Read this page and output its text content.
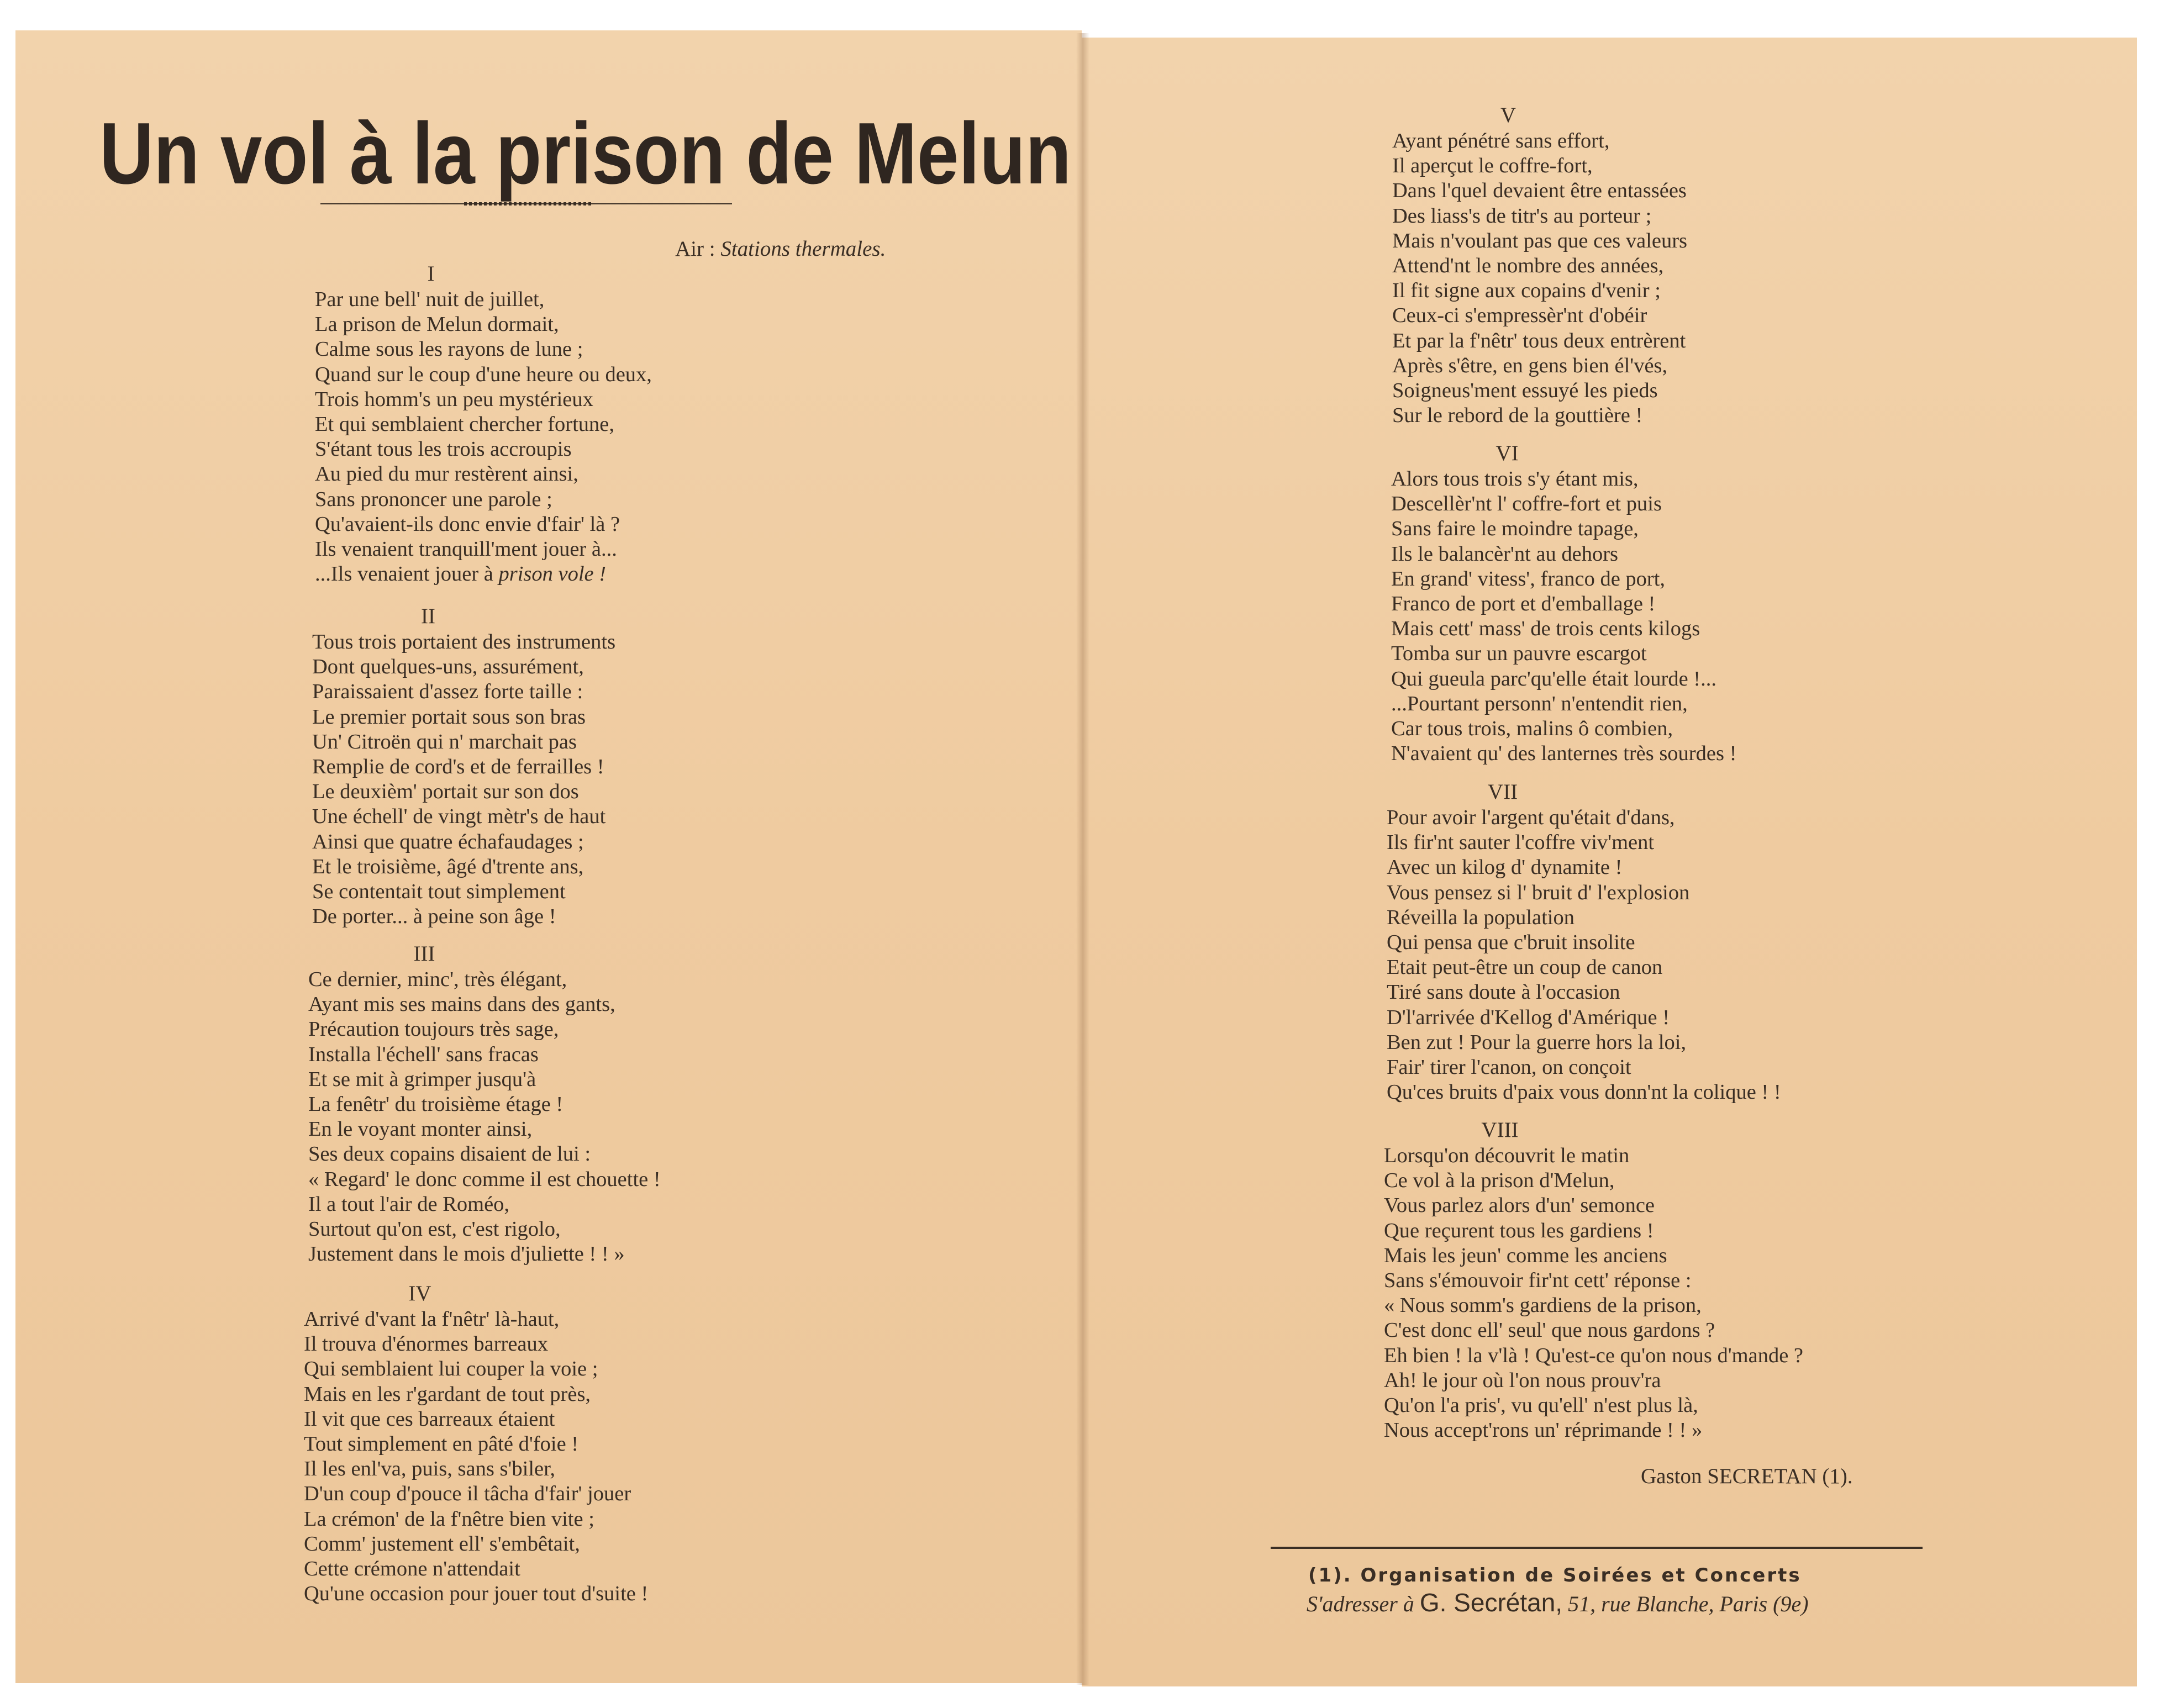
Un vol à la prison de Melun
Air : Stations thermales.
I
Par une bell' nuit de juillet,
La prison de Melun dormait,
Calme sous les rayons de lune ;
Quand sur le coup d'une heure ou deux,
Trois homm's un peu mystérieux
Et qui semblaient chercher fortune,
S'étant tous les trois accroupis
Au pied du mur restèrent ainsi,
Sans prononcer une parole ;
Qu'avaient-ils donc envie d'fair' là ?
Ils venaient tranquill'ment jouer à...
...Ils venaient jouer à prison vole !
II
Tous trois portaient des instruments
Dont quelques-uns, assurément,
Paraissaient d'assez forte taille :
Le premier portait sous son bras
Un' Citroën qui n' marchait pas
Remplie de cord's et de ferrailles !
Le deuxièm' portait sur son dos
Une échell' de vingt mètr's de haut
Ainsi que quatre échafaudages ;
Et le troisième, âgé d'trente ans,
Se contentait tout simplement
De porter... à peine son âge !
III
Ce dernier, minc', très élégant,
Ayant mis ses mains dans des gants,
Précaution toujours très sage,
Installa l'échell' sans fracas
Et se mit à grimper jusqu'à
La fenêtr' du troisième étage !
En le voyant monter ainsi,
Ses deux copains disaient de lui :
« Regard' le donc comme il est chouette !
Il a tout l'air de Roméo,
Surtout qu'on est, c'est rigolo,
Justement dans le mois d'juliette ! ! »
IV
Arrivé d'vant la f'nêtr' là-haut,
Il trouva d'énormes barreaux
Qui semblaient lui couper la voie ;
Mais en les r'gardant de tout près,
Il vit que ces barreaux étaient
Tout simplement en pâté d'foie !
Il les enl'va, puis, sans s'biler,
D'un coup d'pouce il tâcha d'fair' jouer
La crémon' de la f'nêtre bien vite ;
Comm' justement ell' s'embêtait,
Cette crémone n'attendait
Qu'une occasion pour jouer tout d'suite !
V
Ayant pénétré sans effort,
Il aperçut le coffre-fort,
Dans l'quel devaient être entassées
Des liass's de titr's au porteur ;
Mais n'voulant pas que ces valeurs
Attend'nt le nombre des années,
Il fit signe aux copains d'venir ;
Ceux-ci s'empressèr'nt d'obéir
Et par la f'nêtr' tous deux entrèrent
Après s'être, en gens bien él'vés,
Soigneus'ment essuyé les pieds
Sur le rebord de la gouttière !
VI
Alors tous trois s'y étant mis,
Descellèr'nt l' coffre-fort et puis
Sans faire le moindre tapage,
Ils le balancèr'nt au dehors
En grand' vitess', franco de port,
Franco de port et d'emballage !
Mais cett' mass' de trois cents kilogs
Tomba sur un pauvre escargot
Qui gueula parc'qu'elle était lourde !...
...Pourtant personn' n'entendit rien,
Car tous trois, malins ô combien,
N'avaient qu' des lanternes très sourdes !
VII
Pour avoir l'argent qu'était d'dans,
Ils fir'nt sauter l'coffre viv'ment
Avec un kilog d' dynamite !
Vous pensez si l' bruit d' l'explosion
Réveilla la population
Qui pensa que c'bruit insolite
Etait peut-être un coup de canon
Tiré sans doute à l'occasion
D'l'arrivée d'Kellog d'Amérique !
Ben zut ! Pour la guerre hors la loi,
Fair' tirer l'canon, on conçoit
Qu'ces bruits d'paix vous donn'nt la colique ! !
VIII
Lorsqu'on découvrit le matin
Ce vol à la prison d'Melun,
Vous parlez alors d'un' semonce
Que reçurent tous les gardiens !
Mais les jeun' comme les anciens
Sans s'émouvoir fir'nt cett' réponse :
« Nous somm's gardiens de la prison,
C'est donc ell' seul' que nous gardons ?
Eh bien ! la v'là ! Qu'est-ce qu'on nous d'mande ?
Ah! le jour où l'on nous prouv'ra
Qu'on l'a pris', vu qu'ell' n'est plus là,
Nous accept'rons un' réprimande ! ! »
Gaston SECRETAN (1).
(1). Organisation de Soirées et Concerts
S'adresser à G. Secrétan, 51, rue Blanche, Paris (9e)
